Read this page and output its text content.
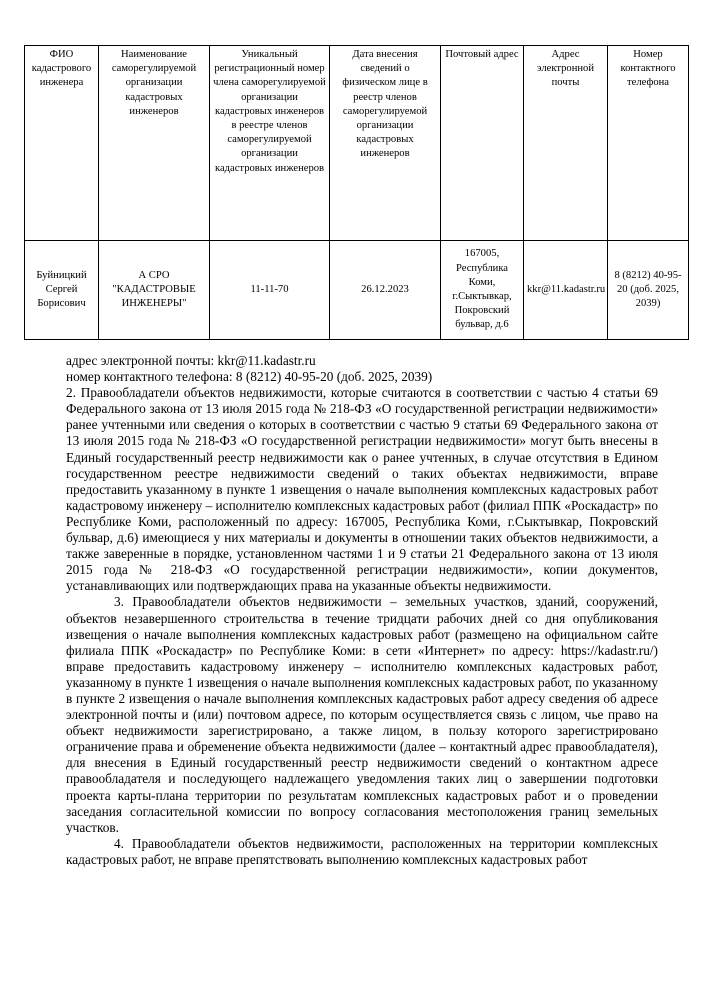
ФИО кадастрового инженера	Наименование саморегулируемой организации кадастровых инженеров	Уникальный регистрационный номер члена саморегулируемой организации кадастровых инженеров в реестре членов саморегулируемой организации кадастровых инженеров	Дата внесения сведений о физическом лице в реестр членов саморегулируемой организации кадастровых инженеров	Почтовый адрес	Адрес электронной почты	Номер контактного телефона
Буйницкий Сергей Борисович	А СРО "КАДАСТРОВЫЕ ИНЖЕНЕРЫ"	11-11-70	26.12.2023	167005, Республика Коми, г.Сыктывкар, Покровский бульвар, д.6	kkr@11.kadastr.ru	8 (8212) 40-95-20 (доб. 2025, 2039)

адрес электронной почты: kkr@11.kadastr.ru

номер контактного телефона: 8 (8212) 40-95-20 (доб. 2025, 2039)

2. Правообладатели объектов недвижимости, которые считаются в соответствии с частью 4 статьи 69 Федерального закона от 13 июля 2015 года № 218-ФЗ «О государственной регистрации недвижимости» ранее учтенными или сведения о которых в соответствии с частью 9 статьи 69 Федерального закона от 13 июля 2015 года № 218-ФЗ «О государственной регистрации недвижимости» могут быть внесены в Единый государственный реестр недвижимости как о ранее учтенных, в случае отсутствия в Едином государственном реестре недвижимости сведений о таких объектах недвижимости, вправе предоставить указанному в пункте 1 извещения о начале выполнения комплексных кадастровых работ кадастровому инженеру – исполнителю комплексных кадастровых работ (филиал ППК «Роскадастр» по Республике Коми, расположенный по адресу: 167005, Республика Коми, г.Сыктывкар, Покровский бульвар, д.6) имеющиеся у них материалы и документы в отношении таких объектов недвижимости, а также заверенные в порядке, установленном частями 1 и 9 статьи 21 Федерального закона от 13 июля 2015 года № 218-ФЗ «О государственной регистрации недвижимости», копии документов, устанавливающих или подтверждающих права на указанные объекты недвижимости.

3. Правообладатели объектов недвижимости – земельных участков, зданий, сооружений, объектов незавершенного строительства в течение тридцати рабочих дней со дня опубликования извещения о начале выполнения комплексных кадастровых работ (размещено на официальном сайте филиала ППК «Роскадастр» по Республике Коми: в сети «Интернет» по адресу: https://kadastr.ru/) вправе предоставить кадастровому инженеру – исполнителю комплексных кадастровых работ, указанному в пункте 1 извещения о начале выполнения комплексных кадастровых работ, по указанному в пункте 2 извещения о начале выполнения комплексных кадастровых работ адресу сведения об адресе электронной почты и (или) почтовом адресе, по которым осуществляется связь с лицом, чье право на объект недвижимости зарегистрировано, а также лицом, в пользу которого зарегистрировано ограничение права и обременение объекта недвижимости (далее – контактный адрес правообладателя), для внесения в Единый государственный реестр недвижимости сведений о контактном адресе правообладателя и последующего надлежащего уведомления таких лиц о завершении подготовки проекта карты-плана территории по результатам комплексных кадастровых работ и о проведении заседания согласительной комиссии по вопросу согласования местоположения границ земельных участков.

4. Правообладатели объектов недвижимости, расположенных на территории комплексных кадастровых работ, не вправе препятствовать выполнению комплексных кадастровых работ
